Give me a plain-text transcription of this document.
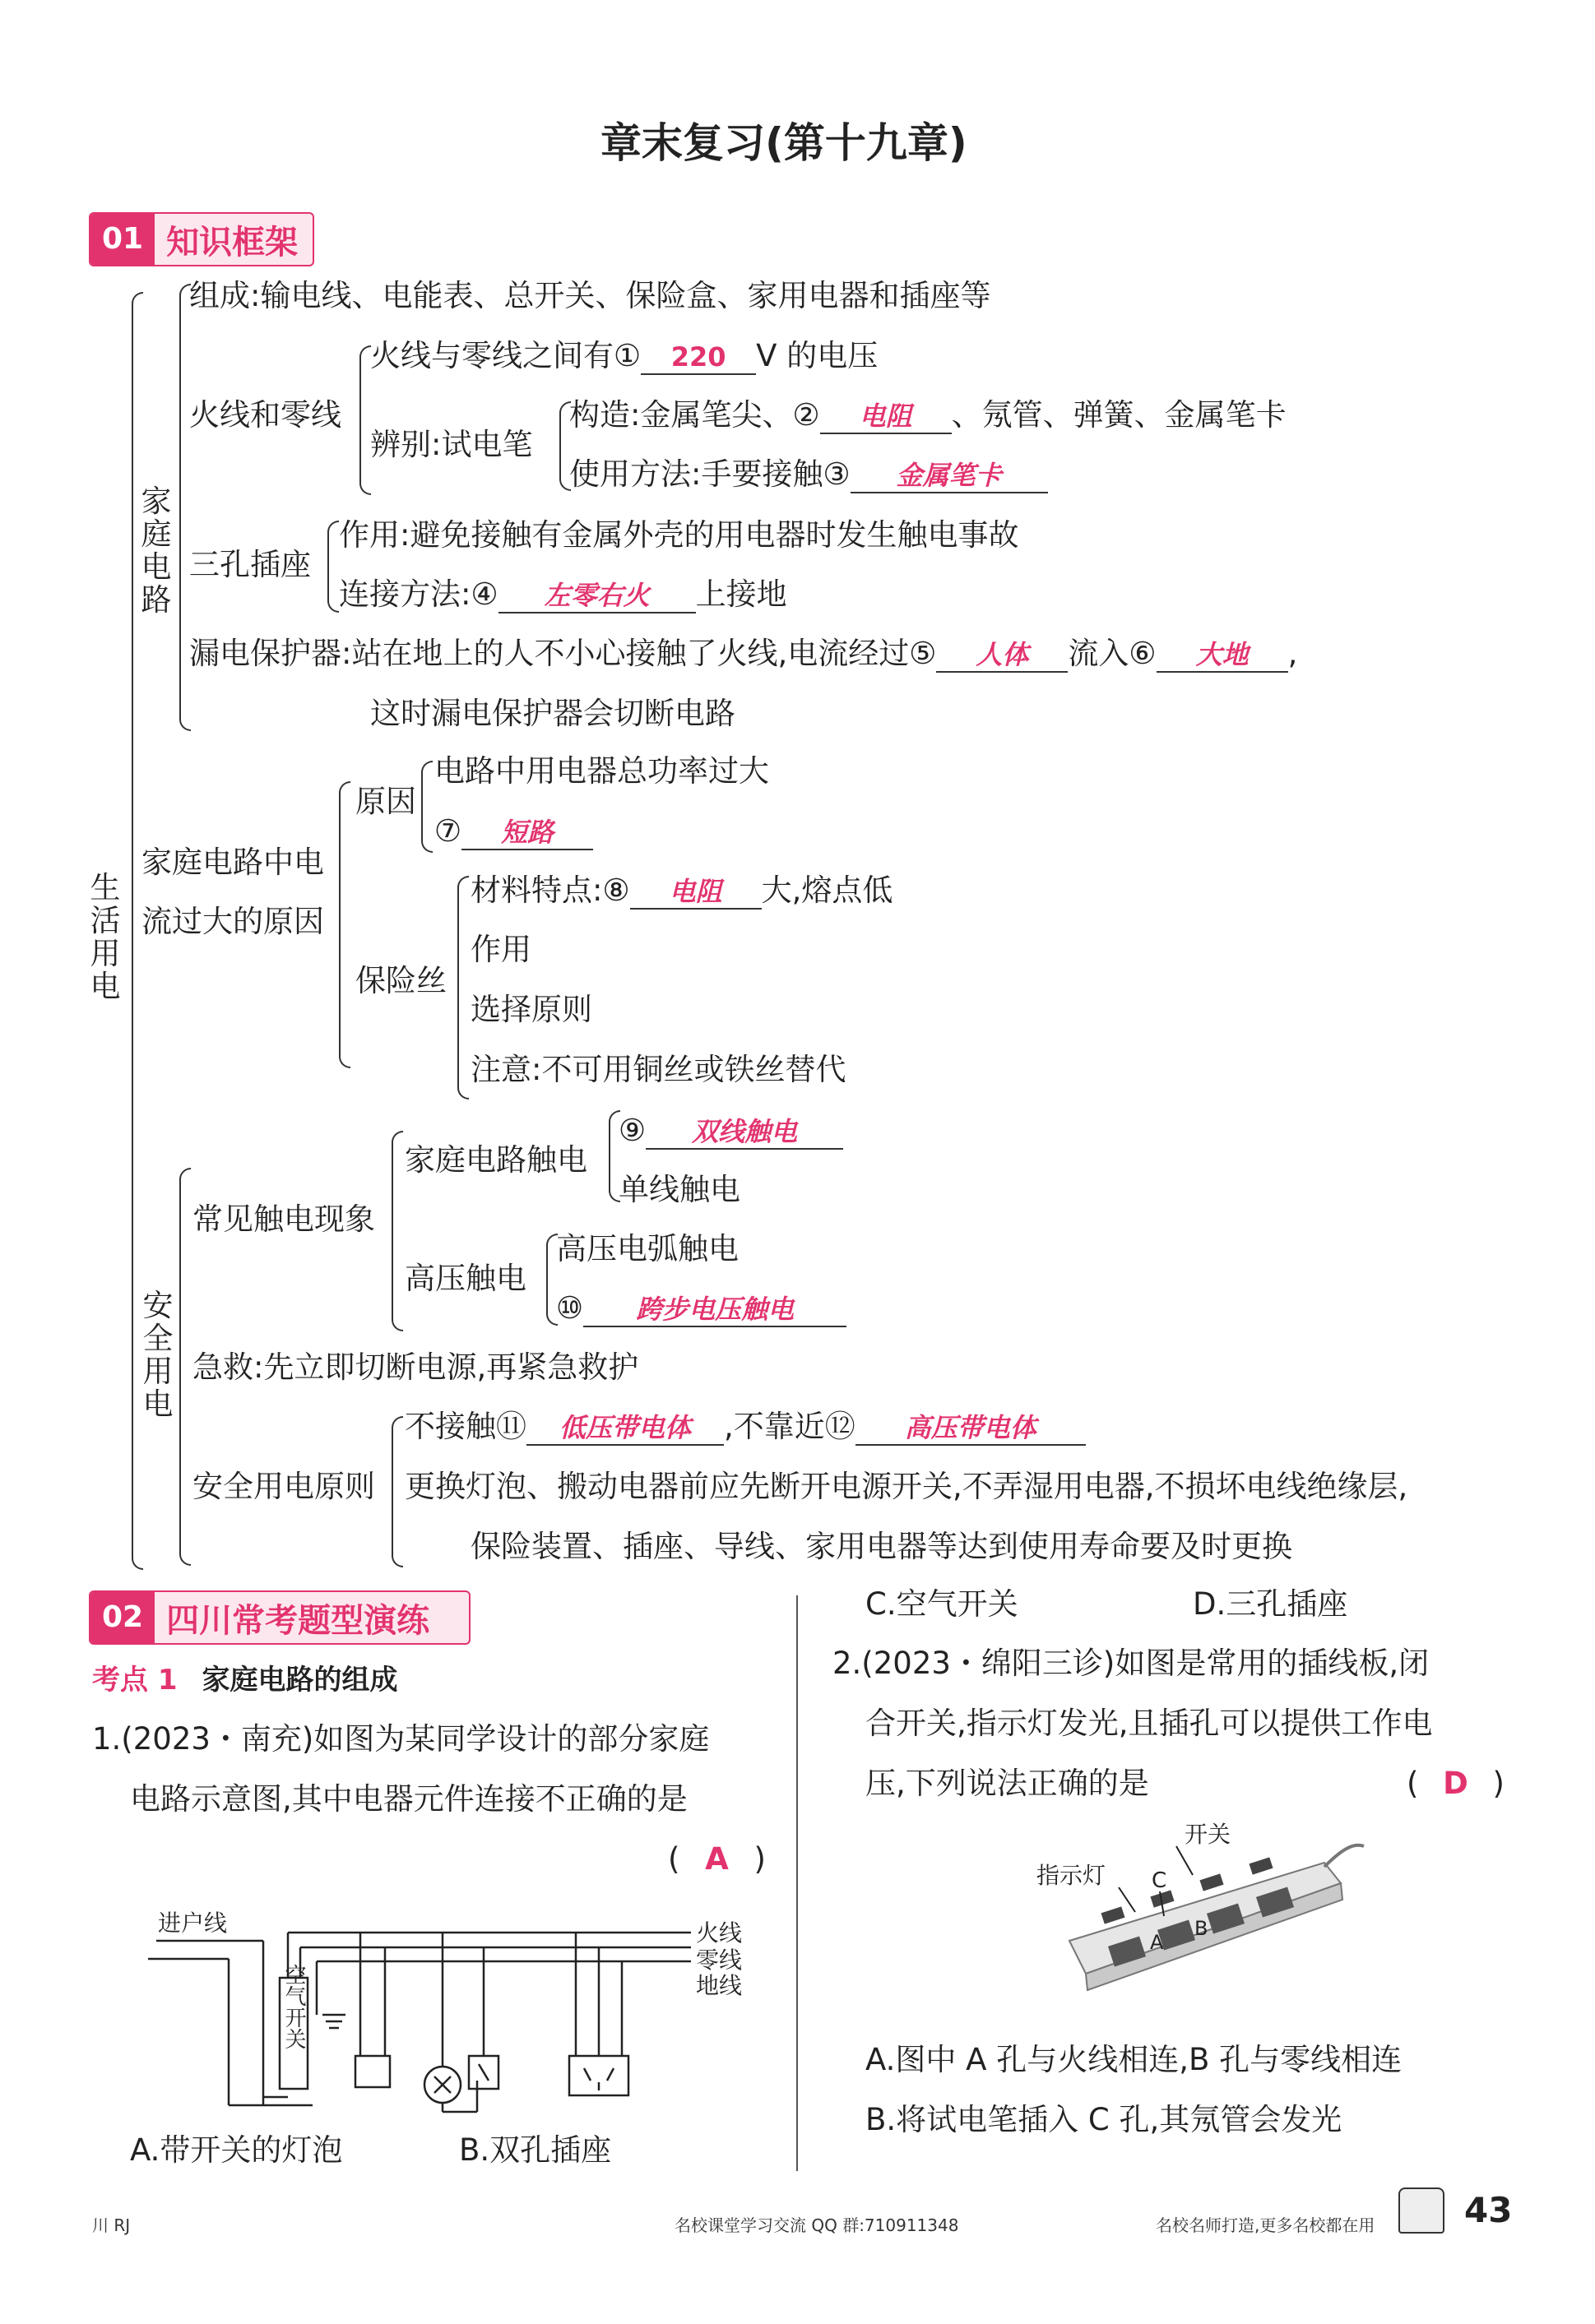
章末复习(第十九章)
01 知识框架
生活用电
家庭电路
组成:输电线、电能表、总开关、保险盒、家用电器和插座等
火线和零线
火线与零线之间有① 220 V 的电压
辨别:试电笔
构造:金属笔尖、② 电阻 、氖管、弹簧、金属笔卡
使用方法:手要接触③ 金属笔卡
三孔插座
作用:避免接触有金属外壳的用电器时发生触电事故
连接方法:④ 左零右火 上接地
漏电保护器:站在地上的人不小心接触了火线,电流经过⑤ 人体 流入⑥ 大地 ,
这时漏电保护器会切断电路
家庭电路中电
流过大的原因
原因
电路中用电器总功率过大
⑦ 短路
保险丝
材料特点:⑧ 电阻 大,熔点低
作用
选择原则
注意:不可用铜丝或铁丝替代
安全用电
常见触电现象
家庭电路触电
⑨ 双线触电
单线触电
高压触电
高压电弧触电
⑩ 跨步电压触电
急救:先立即切断电源,再紧急救护
安全用电原则
不接触⑪ 低压带电体 ,不靠近⑫ 高压带电体
更换灯泡、搬动电器前应先断开电源开关,不弄湿用电器,不损坏电线绝缘层,
保险装置、插座、导线、家用电器等达到使用寿命要及时更换
02 四川常考题型演练
考点 1 家庭电路的组成
1.(2023・南充)如图为某同学设计的部分家庭
电路示意图,其中电器元件连接不正确的是
( A )
进户线	火线
零线
地线
空气开关
A.带开关的灯泡	B.双孔插座
C.空气开关	D.三孔插座
2.(2023・绵阳三诊)如图是常用的插线板,闭
合开关,指示灯发光,且插孔可以提供工作电
压,下列说法正确的是	( D )
开关
指示灯 C
A
B
A.图中 A 孔与火线相连,B 孔与零线相连
B.将试电笔插入 C 孔,其氖管会发光
川 RJ	名校课堂学习交流 QQ 群:710911348	名校名师打造,更多名校都在用	43
